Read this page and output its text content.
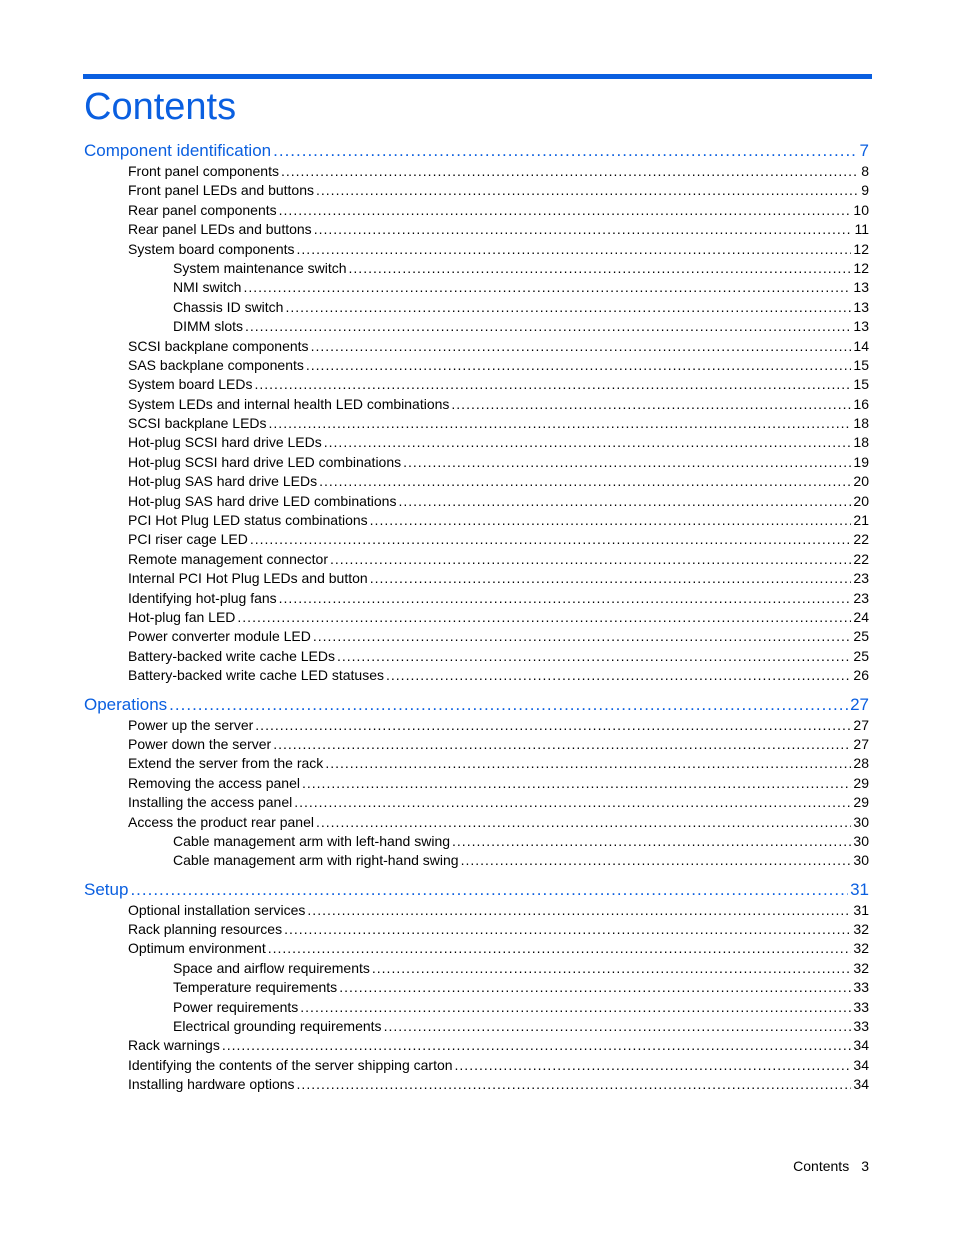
Contents
Component identification .....	7
Front panel components .....	8
Front panel LEDs and buttons .....	9
Rear panel components .....	10
Rear panel LEDs and buttons .....	11
System board components .....	12
System maintenance switch .....	12
NMI switch .....	13
Chassis ID switch .....	13
DIMM slots .....	13
SCSI backplane components .....	14
SAS backplane components .....	15
System board LEDs .....	15
System LEDs and internal health LED combinations .....	16
SCSI backplane LEDs .....	18
Hot-plug SCSI hard drive LEDs .....	18
Hot-plug SCSI hard drive LED combinations .....	19
Hot-plug SAS hard drive LEDs .....	20
Hot-plug SAS hard drive LED combinations .....	20
PCI Hot Plug LED status combinations .....	21
PCI riser cage LED .....	22
Remote management connector .....	22
Internal PCI Hot Plug LEDs and button .....	23
Identifying hot-plug fans .....	23
Hot-plug fan LED .....	24
Power converter module LED .....	25
Battery-backed write cache LEDs .....	25
Battery-backed write cache LED statuses .....	26
Operations .....	27
Power up the server .....	27
Power down the server .....	27
Extend the server from the rack .....	28
Removing the access panel .....	29
Installing the access panel .....	29
Access the product rear panel .....	30
Cable management arm with left-hand swing .....	30
Cable management arm with right-hand swing .....	30
Setup .....	31
Optional installation services .....	31
Rack planning resources .....	32
Optimum environment .....	32
Space and airflow requirements .....	32
Temperature requirements .....	33
Power requirements .....	33
Electrical grounding requirements .....	33
Rack warnings .....	34
Identifying the contents of the server shipping carton .....	34
Installing hardware options .....	34
Contents 3
